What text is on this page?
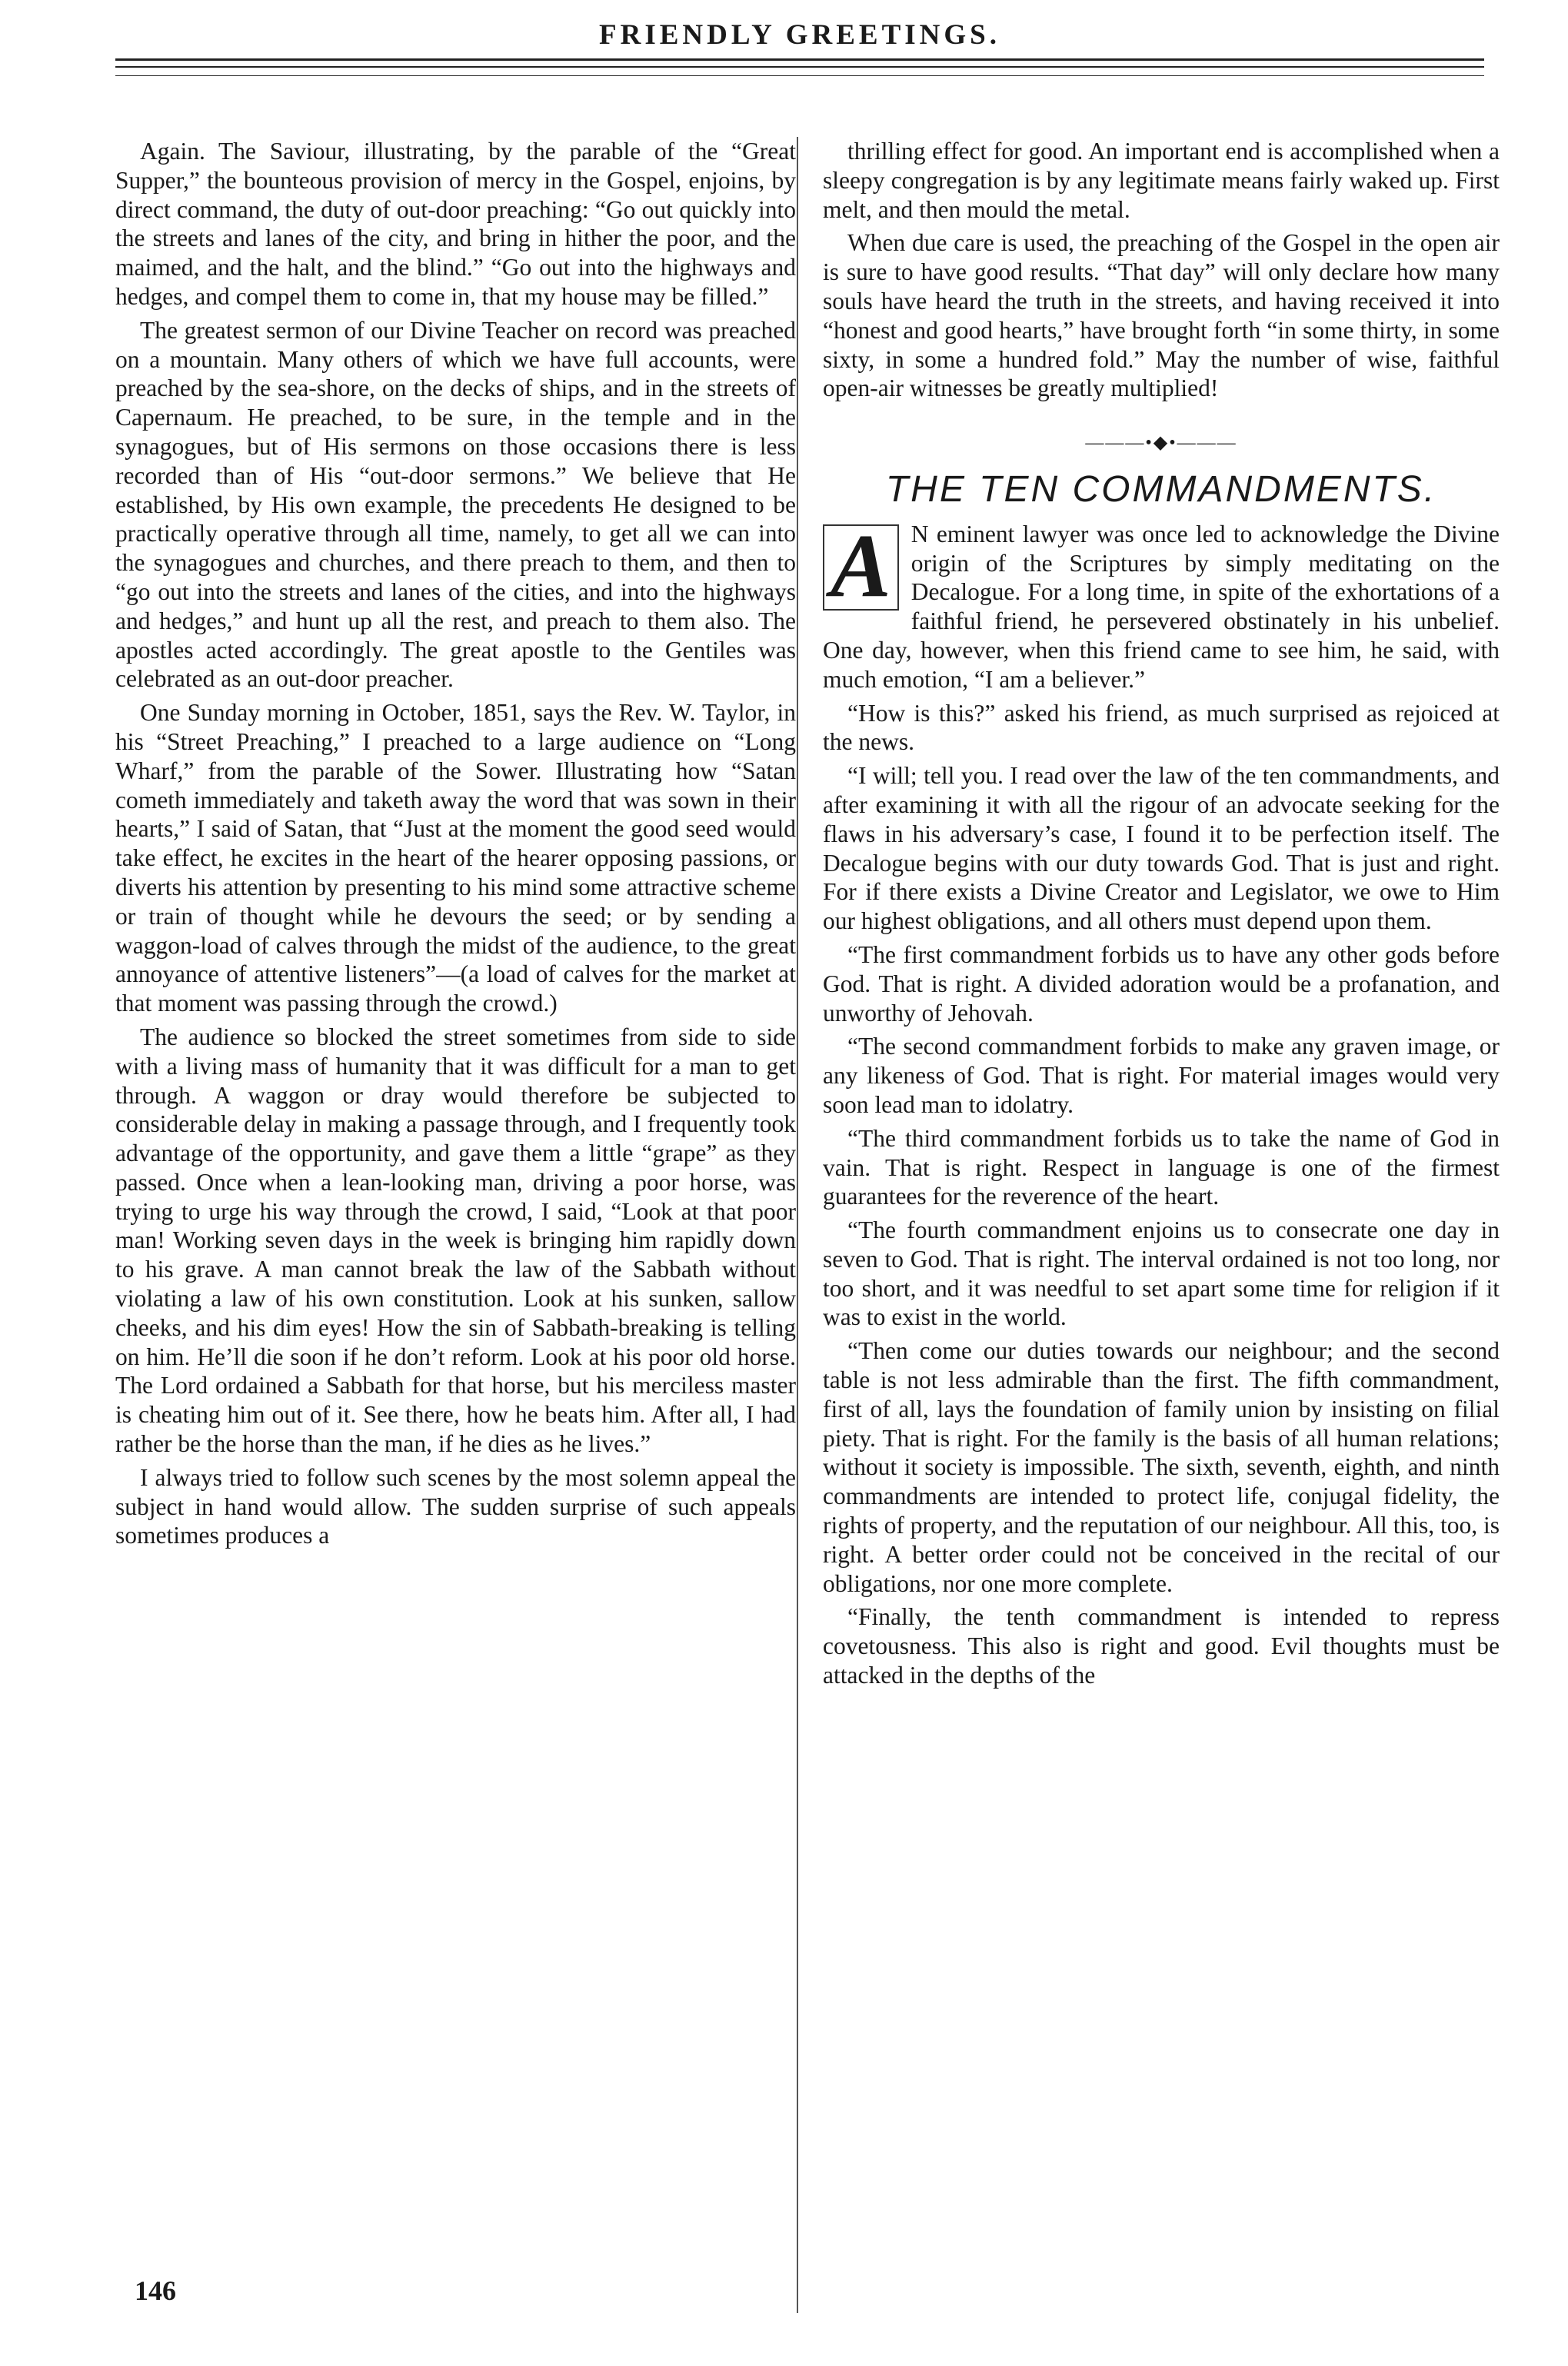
FRIENDLY GREETINGS.

Again. The Saviour, illustrating, by the parable of the “Great Supper,” the bounteous provision of mercy in the Gospel, enjoins, by direct command, the duty of out-door preaching: “Go out quickly into the streets and lanes of the city, and bring in hither the poor, and the maimed, and the halt, and the blind.” “Go out into the highways and hedges, and compel them to come in, that my house may be filled.”

The greatest sermon of our Divine Teacher on record was preached on a mountain. Many others of which we have full accounts, were preached by the sea-shore, on the decks of ships, and in the streets of Capernaum. He preached, to be sure, in the temple and in the synagogues, but of His sermons on those occasions there is less recorded than of His “out-door sermons.” We believe that He established, by His own example, the precedents He designed to be practically operative through all time, namely, to get all we can into the synagogues and churches, and there preach to them, and then to “go out into the streets and lanes of the cities, and into the highways and hedges,” and hunt up all the rest, and preach to them also. The apostles acted accordingly. The great apostle to the Gentiles was celebrated as an out-door preacher.

One Sunday morning in October, 1851, says the Rev. W. Taylor, in his “Street Preaching,” I preached to a large audience on “Long Wharf,” from the parable of the Sower. Illustrating how “Satan cometh immediately and taketh away the word that was sown in their hearts,” I said of Satan, that “Just at the moment the good seed would take effect, he excites in the heart of the hearer opposing passions, or diverts his attention by presenting to his mind some attractive scheme or train of thought while he devours the seed; or by sending a waggon-load of calves through the midst of the audience, to the great annoyance of attentive listeners”—(a load of calves for the market at that moment was passing through the crowd.)

The audience so blocked the street sometimes from side to side with a living mass of humanity that it was difficult for a man to get through. A waggon or dray would therefore be subjected to considerable delay in making a passage through, and I frequently took advantage of the opportunity, and gave them a little “grape” as they passed. Once when a lean-looking man, driving a poor horse, was trying to urge his way through the crowd, I said, “Look at that poor man! Working seven days in the week is bringing him rapidly down to his grave. A man cannot break the law of the Sabbath without violating a law of his own constitution. Look at his sunken, sallow cheeks, and his dim eyes! How the sin of Sabbath-breaking is telling on him. He’ll die soon if he don’t reform. Look at his poor old horse. The Lord ordained a Sabbath for that horse, but his merciless master is cheating him out of it. See there, how he beats him. After all, I had rather be the horse than the man, if he dies as he lives.”

I always tried to follow such scenes by the most solemn appeal the subject in hand would allow. The sudden surprise of such appeals sometimes produces a

thrilling effect for good. An important end is accomplished when a sleepy congregation is by any legitimate means fairly waked up. First melt, and then mould the metal.

When due care is used, the preaching of the Gospel in the open air is sure to have good results. “That day” will only declare how many souls have heard the truth in the streets, and having received it into “honest and good hearts,” have brought forth “in some thirty, in some sixty, in some a hundred fold.” May the number of wise, faithful open-air witnesses be greatly multiplied!

———•◆•———
THE TEN COMMANDMENTS.

A N eminent lawyer was once led to acknowledge the Divine origin of the Scriptures by simply meditating on the Decalogue. For a long time, in spite of the exhortations of a faithful friend, he persevered obstinately in his unbelief. One day, however, when this friend came to see him, he said, with much emotion, “I am a believer.”

“How is this?” asked his friend, as much surprised as rejoiced at the news.

“I will; tell you. I read over the law of the ten commandments, and after examining it with all the rigour of an advocate seeking for the flaws in his adversary’s case, I found it to be perfection itself. The Decalogue begins with our duty towards God. That is just and right. For if there exists a Divine Creator and Legislator, we owe to Him our highest obligations, and all others must depend upon them.

“The first commandment forbids us to have any other gods before God. That is right. A divided adoration would be a profanation, and unworthy of Jehovah.

“The second commandment forbids to make any graven image, or any likeness of God. That is right. For material images would very soon lead man to idolatry.

“The third commandment forbids us to take the name of God in vain. That is right. Respect in language is one of the firmest guarantees for the reverence of the heart.

“The fourth commandment enjoins us to consecrate one day in seven to God. That is right. The interval ordained is not too long, nor too short, and it was needful to set apart some time for religion if it was to exist in the world.

“Then come our duties towards our neighbour; and the second table is not less admirable than the first. The fifth commandment, first of all, lays the foundation of family union by insisting on filial piety. That is right. For the family is the basis of all human relations; without it society is impossible. The sixth, seventh, eighth, and ninth commandments are intended to protect life, conjugal fidelity, the rights of property, and the reputation of our neighbour. All this, too, is right. A better order could not be conceived in the recital of our obligations, nor one more complete.

“Finally, the tenth commandment is intended to repress covetousness. This also is right and good. Evil thoughts must be attacked in the depths of the

146
